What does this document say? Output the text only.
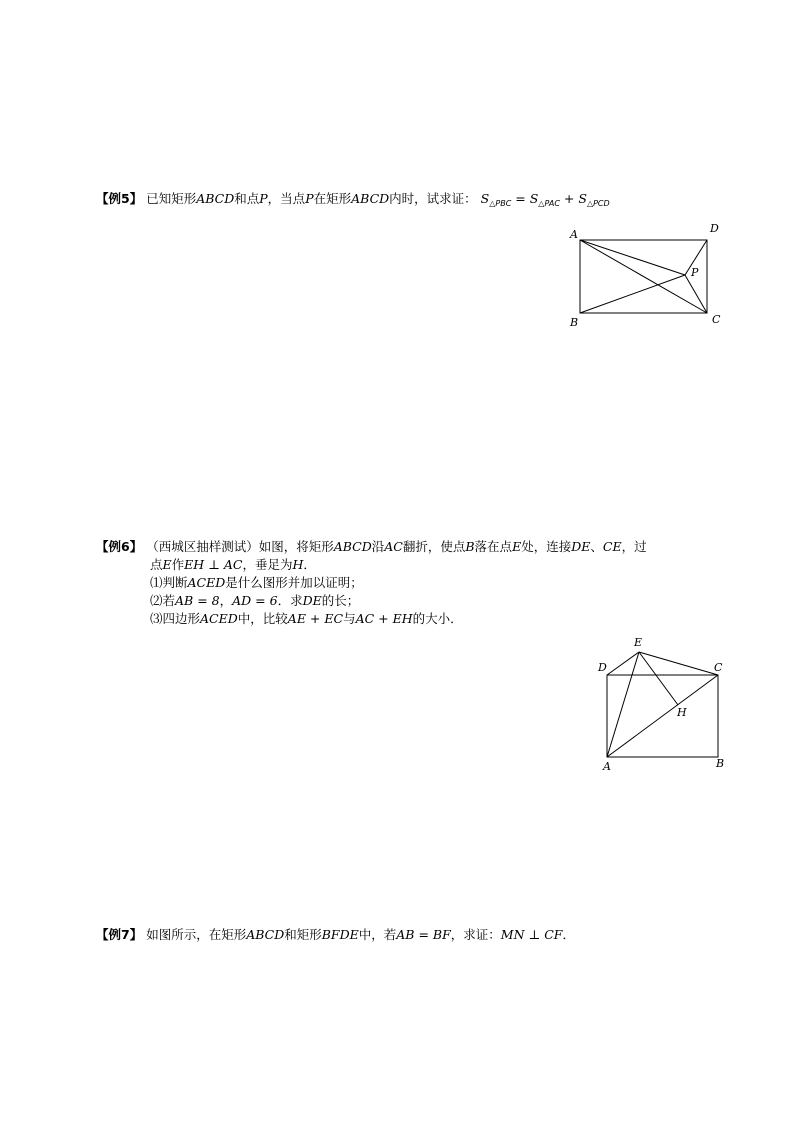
【例5】 已知矩形ABCD和点P，当点P在矩形ABCD内时，试求证： $S_{\triangle PBC} = S_{\triangle PAC} + S_{\triangle PCD}$
A
B	C
D
P
【例6】 （西城区抽样测试）如图，将矩形ABCD沿AC翻折，使点B落在点E处，连接DE、CE，过
点E作EH ⊥ AC，垂足为H．
⑴判断ACED是什么图形并加以证明；
⑵若AB = 8，AD = 6．求DE的长；
⑶四边形ACED中，比较AE + EC与AC + EH的大小．
A	B
C
D
E
H
【例7】 如图所示，在矩形ABCD和矩形BFDE中，若AB = BF，求证：MN ⊥ CF．
